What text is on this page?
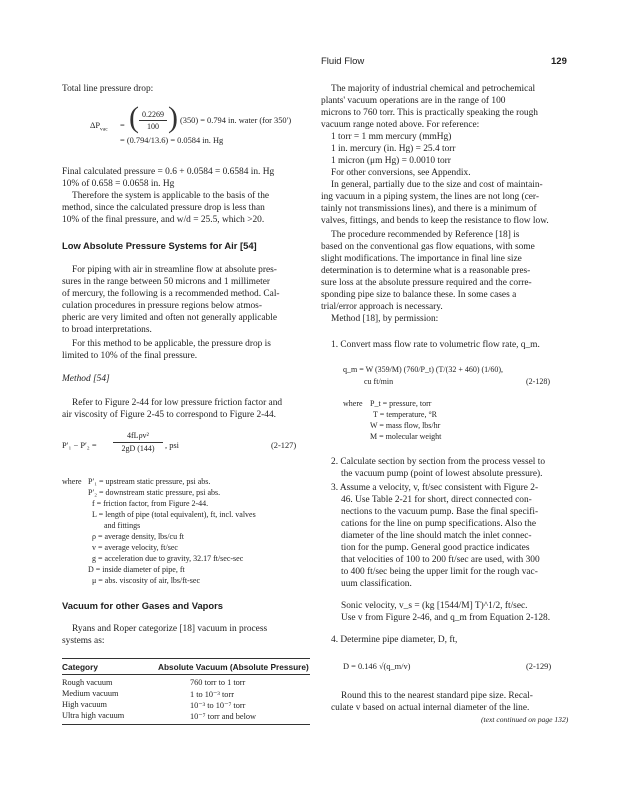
Fluid Flow	129
Total line pressure drop:
$\Delta P_{vac}$ = ( 0.2269
100 ) (350) = 0.794 in. water (for 350′)
= (0.794/13.6) = 0.0584 in. Hg
Final calculated pressure = 0.6 + 0.0584 = 0.6584 in. Hg
10% of 0.658 = 0.0658 in. Hg
Therefore the system is applicable to the basis of the
method, since the calculated pressure drop is less than
10% of the final pressure, and w/d = 25.5, which >20.
Low Absolute Pressure Systems for Air [54]
For piping with air in streamline flow at absolute pres-
sures in the range between 50 microns and 1 millimeter
of mercury, the following is a recommended method. Cal-
culation procedures in pressure regions below atmos-
pheric are very limited and often not generally applicable
to broad interpretations.
For this method to be applicable, the pressure drop is
limited to 10% of the final pressure.
Method [54]
Refer to Figure 2-44 for low pressure friction factor and
air viscosity of Figure 2-45 to correspond to Figure 2-44.
P′₁ − P′₂ =
4fLρv²
2gD (144)	, psi	(2-127)
where P′₁ = upstream static pressure, psi abs.
P′₂ = downstream static pressure, psi abs.
f = friction factor, from Figure 2-44.
L = length of pipe (total equivalent), ft, incl. valves
and fittings
ρ = average density, lbs/cu ft
v = average velocity, ft/sec
g = acceleration due to gravity, 32.17 ft/sec-sec
D = inside diameter of pipe, ft
μ = abs. viscosity of air, lbs/ft-sec
Vacuum for other Gases and Vapors
Ryans and Roper categorize [18] vacuum in process
systems as:
Category	Absolute Vacuum (Absolute Pressure)
Rough vacuum	760 torr to 1 torr
Medium vacuum	1 to 10⁻³ torr
High vacuum	10⁻³ to 10⁻⁷ torr
Ultra high vacuum	10⁻⁷ torr and below
The majority of industrial chemical and petrochemical
plants' vacuum operations are in the range of 100
microns to 760 torr. This is practically speaking the rough
vacuum range noted above. For reference:
1 torr = 1 mm mercury (mmHg)
1 in. mercury (in. Hg) = 25.4 torr
1 micron (μm Hg) = 0.0010 torr
For other conversions, see Appendix.
In general, partially due to the size and cost of maintain-
ing vacuum in a piping system, the lines are not long (cer-
tainly not transmissions lines), and there is a minimum of
valves, fittings, and bends to keep the resistance to flow low.
The procedure recommended by Reference [18] is
based on the conventional gas flow equations, with some
slight modifications. The importance in final line size
determination is to determine what is a reasonable pres-
sure loss at the absolute pressure required and the corre-
sponding pipe size to balance these. In some cases a
trial/error approach is necessary.
Method [18], by permission:
1. Convert mass flow rate to volumetric flow rate, q_m.
q_m = W (359/M) (760/P_t) (T/(32 + 460) (1/60),
cu ft/min	(2-128)
where P_t = pressure, torr
T = temperature, °R
W = mass flow, lbs/hr
M = molecular weight
2. Calculate section by section from the process vessel to
the vacuum pump (point of lowest absolute pressure).
3. Assume a velocity, v, ft/sec consistent with Figure 2-
46. Use Table 2-21 for short, direct connected con-
nections to the vacuum pump. Base the final specifi-
cations for the line on pump specifications. Also the
diameter of the line should match the inlet connec-
tion for the pump. General good practice indicates
that velocities of 100 to 200 ft/sec are used, with 300
to 400 ft/sec being the upper limit for the rough vac-
uum classification.
Sonic velocity, v_s = (kg [1544/M] T)^1/2, ft/sec.
Use v from Figure 2-46, and q_m from Equation 2-128.
4. Determine pipe diameter, D, ft,
D = 0.146 √(q_m/v)	(2-129)
Round this to the nearest standard pipe size. Recal-
culate v based on actual internal diameter of the line.
(text continued on page 132)
